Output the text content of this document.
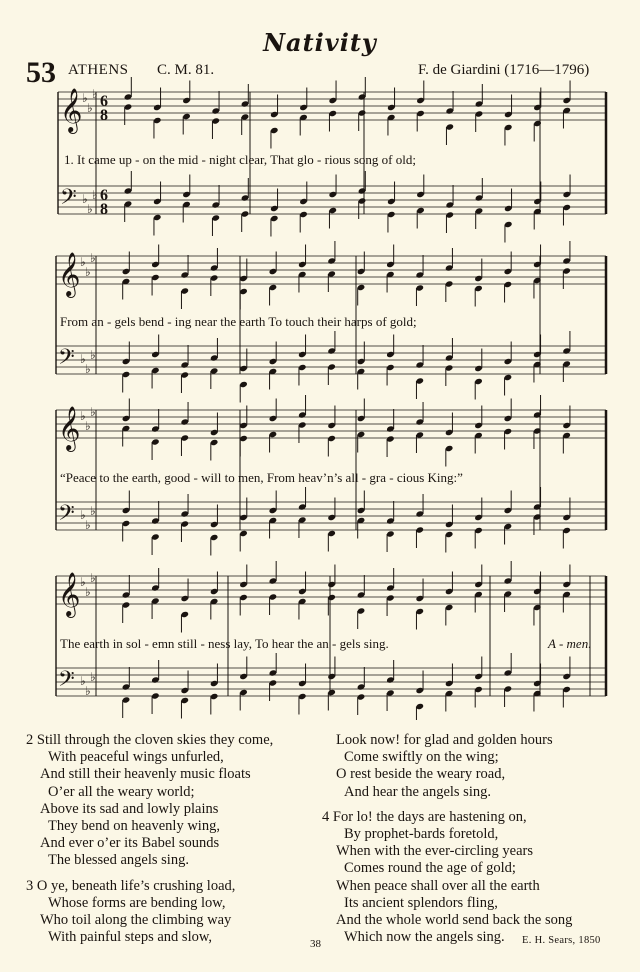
Nativity
53 ATHENS C. M. 81.	F. de Giardini (1716—1796)
𝄞 ♭
♭
♭ 6
8
𝄢 ♭
♭
♭ 6
8
𝄞 ♭
♭
♭
𝄢 ♭
♭
♭
𝄞 ♭
♭
♭
𝄢 ♭
♭
♭
𝄞 ♭
♭
♭
𝄢 ♭
♭
♭
1. It came up - on the mid - night clear, That glo - rious song of old;
From an - gels bend - ing near the earth To touch their harps of gold;
“Peace to the earth, good - will to men, From heav’n’s all - gra - cious King:”
The earth in sol - emn still - ness lay, To hear the an - gels sing.	A - men.
2 Still through the cloven skies they come,
With peaceful wings unfurled,
And still their heavenly music floats
O’er all the weary world;
Above its sad and lowly plains
They bend on heavenly wing,
And ever o’er its Babel sounds
The blessed angels sing.
3 O ye, beneath life’s crushing load,
Whose forms are bending low,
Who toil along the climbing way
With painful steps and slow,
Look now! for glad and golden hours
Come swiftly on the wing;
O rest beside the weary road,
And hear the angels sing.
4 For lo! the days are hastening on,
By prophet-bards foretold,
When with the ever-circling years
Comes round the age of gold;
When peace shall over all the earth
Its ancient splendors fling,
And the whole world send back the song
Which now the angels sing.
38	E. H. Sears, 1850
